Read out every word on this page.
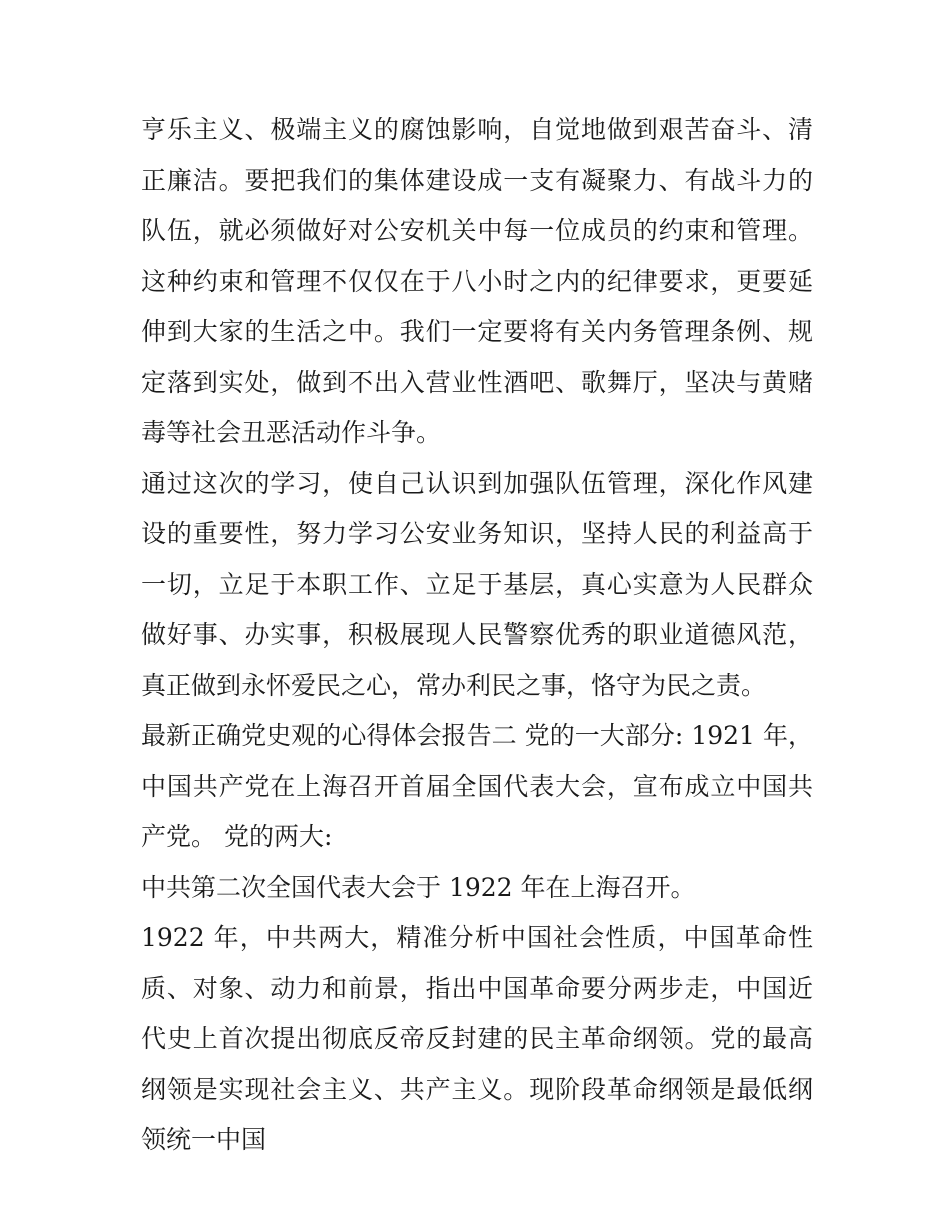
亨乐主义、极端主义的腐蚀影响，自觉地做到艰苦奋斗、清正廉洁。要把我们的集体建设成一支有凝聚力、有战斗力的队伍，就必须做好对公安机关中每一位成员的约束和管理。这种约束和管理不仅仅在于八小时之内的纪律要求，更要延伸到大家的生活之中。我们一定要将有关内务管理条例、规定落到实处，做到不出入营业性酒吧、歌舞厅，坚决与黄赌毒等社会丑恶活动作斗争。

通过这次的学习，使自己认识到加强队伍管理，深化作风建设的重要性，努力学习公安业务知识，坚持人民的利益高于一切，立足于本职工作、立足于基层，真心实意为人民群众做好事、办实事，积极展现人民警察优秀的职业道德风范，真正做到永怀爱民之心，常办利民之事，恪守为民之责。

最新正确党史观的心得体会报告二 党的一大部分: 1921 年，中国共产党在上海召开首届全国代表大会，宣布成立中国共产党。 党的两大:

中共第二次全国代表大会于 1922 年在上海召开。

1922 年，中共两大，精准分析中国社会性质，中国革命性质、对象、动力和前景，指出中国革命要分两步走，中国近代史上首次提出彻底反帝反封建的民主革命纲领。党的最高纲领是实现社会主义、共产主义。现阶段革命纲领是最低纲领统一中国
